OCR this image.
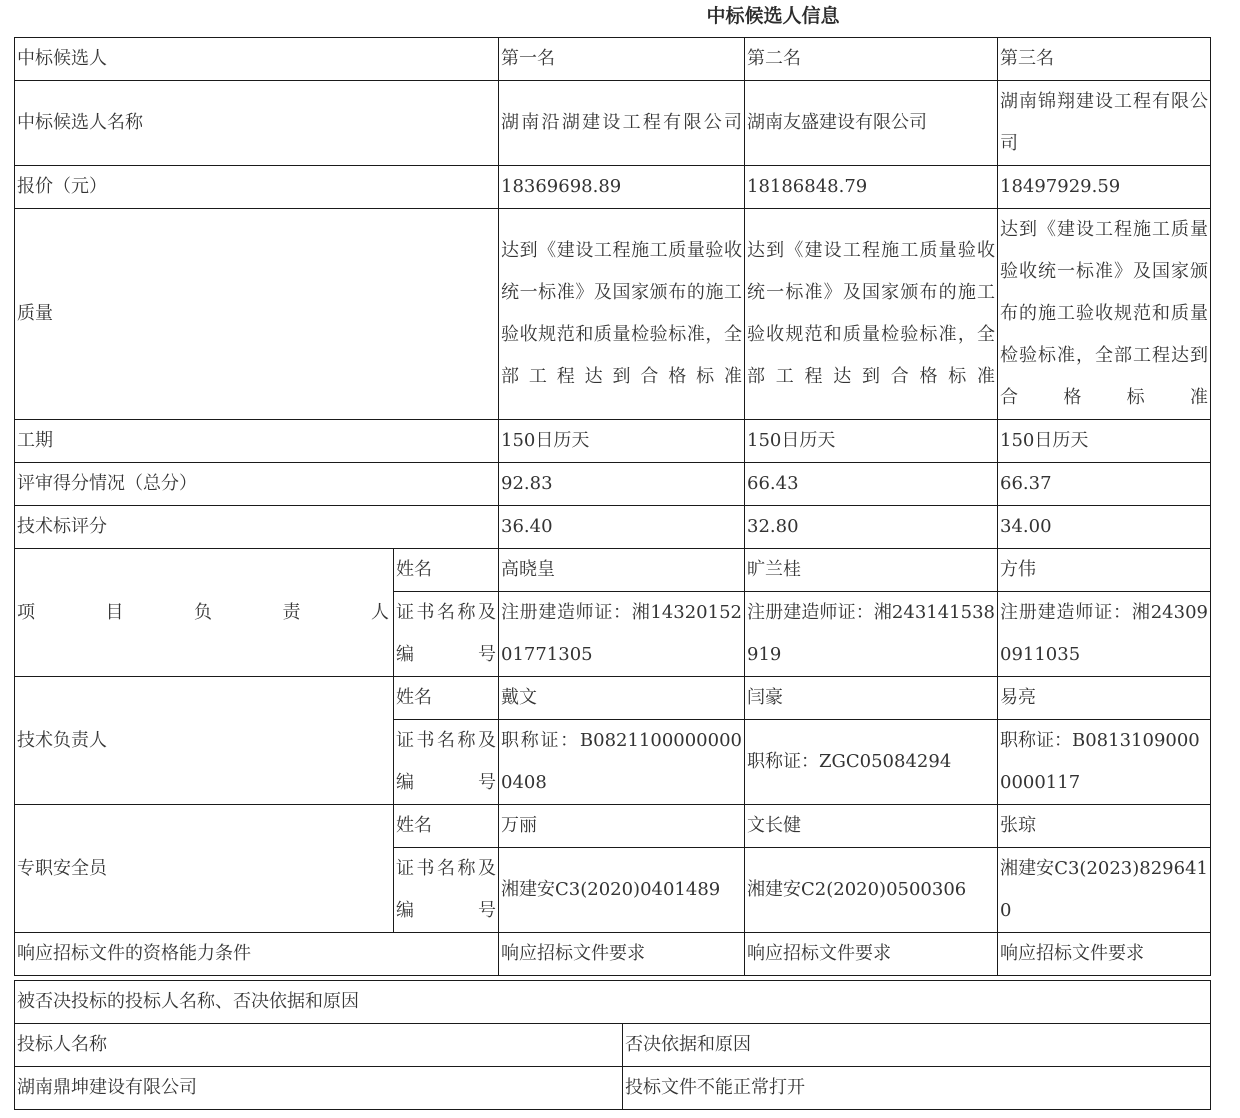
中标候选人信息
中标候选人		第一名	第二名	第三名
中标候选人名称		湖南沿湖建设工程有限公司	湖南友盛建设有限公司	湖南锦翔建设工程有限公司
报价（元）		18369698.89	18186848.79	18497929.59
质量		达到《建设工程施工质量验收统一标准》及国家颁布的施工验收规范和质量检验标准，全部工程达到合格标准	达到《建设工程施工质量验收统一标准》及国家颁布的施工验收规范和质量检验标准，全部工程达到合格标准	达到《建设工程施工质量验收统一标准》及国家颁布的施工验收规范和质量检验标准，全部工程达到合格标准
工期		150日历天	150日历天	150日历天
评审得分情况（总分）		92.83	66.43	66.37
技术标评分		36.40	32.80	34.00
项目负责人	姓名	高晓皇	旷兰桂	方伟
	证书名称及编号	注册建造师证：湘1432015201771305	注册建造师证：湘243141538919	注册建造师证：湘243090911035
技术负责人	姓名	戴文	闫豪	易亮
	证书名称及编号	职称证：B08211000000000408	职称证：ZGC05084294	职称证：B08131090000000117
专职安全员	姓名	万丽	文长健	张琼
	证书名称及编号	湘建安C3(2020)0401489	湘建安C2(2020)0500306	湘建安C3(2023)8296410
响应招标文件的资格能力条件		响应招标文件要求	响应招标文件要求	响应招标文件要求
被否决投标的投标人名称、否决依据和原因	
投标人名称	否决依据和原因
湖南鼎坤建设有限公司	投标文件不能正常打开
